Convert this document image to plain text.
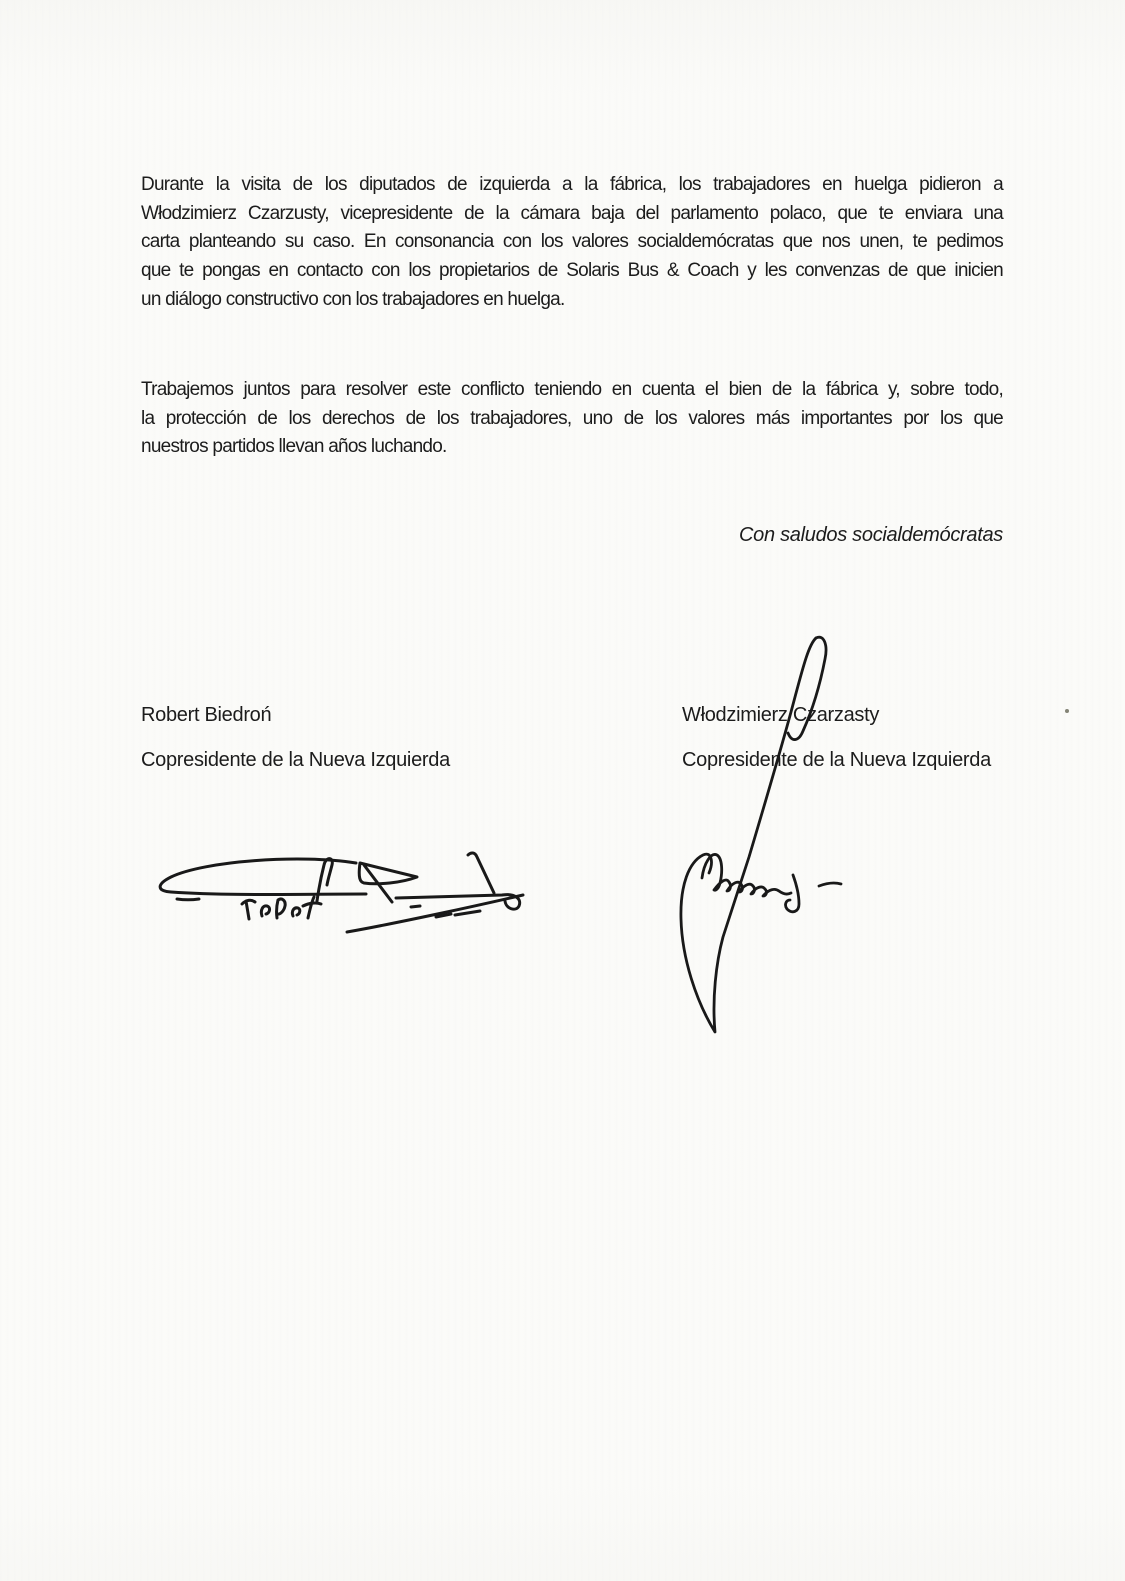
Durante la visita de los diputados de izquierda a la fábrica, los trabajadores en huelga pidieron a
Włodzimierz Czarzusty, vicepresidente de la cámara baja del parlamento polaco, que te enviara una
carta planteando su caso. En consonancia con los valores socialdemócratas que nos unen, te pedimos
que te pongas en contacto con los propietarios de Solaris Bus & Coach y les convenzas de que inicien
un diálogo constructivo con los trabajadores en huelga.
Trabajemos juntos para resolver este conflicto teniendo en cuenta el bien de la fábrica y, sobre todo,
la protección de los derechos de los trabajadores, uno de los valores más importantes por los que
nuestros partidos llevan años luchando.
Con saludos socialdemócratas
Robert Biedroń
Copresidente de la Nueva Izquierda
Włodzimierz Czarzasty
Copresidente de la Nueva Izquierda
